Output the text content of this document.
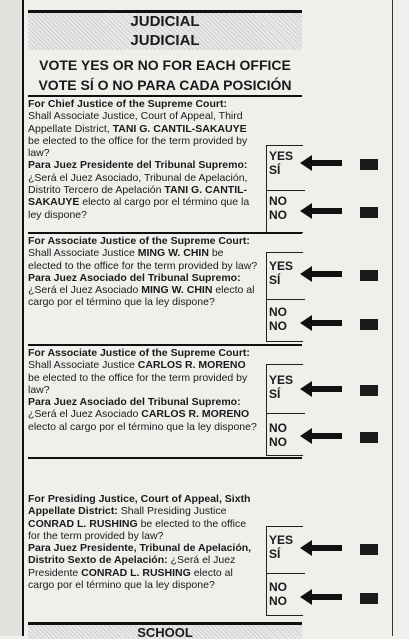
JUDICIAL
JUDICIAL
VOTE YES OR NO FOR EACH OFFICE
VOTE SÍ O NO PARA CADA POSICIÓN

For Chief Justice of the Supreme Court:
Shall Associate Justice, Court of Appeal, Third Appellate District, TANI G. CANTIL-SAKAUYE be elected to the office for the term provided by law?

Para Juez Presidente del Tribunal Supremo: ¿Será el Juez Asociado, Tribunal de Apelación, Distrito Tercero de Apelación TANI G. CANTIL-SAKAUYE electo al cargo por el término que la ley dispone?

YES
SÍ
NO
NO

For Associate Justice of the Supreme Court: Shall Associate Justice MING W. CHIN be elected to the office for the term provided by law?

Para Juez Asociado del Tribunal Supremo: ¿Será el Juez Asociado MING W. CHIN electo al cargo por el término que la ley dispone?

YES
SÍ
NO
NO

For Associate Justice of the Supreme Court: Shall Associate Justice CARLOS R. MORENO be elected to the office for the term provided by law?

Para Juez Asociado del Tribunal Supremo: ¿Será el Juez Asociado CARLOS R. MORENO electo al cargo por el término que la ley dispone?

YES
SÍ
NO
NO

For Presiding Justice, Court of Appeal, Sixth Appellate District: Shall Presiding Justice CONRAD L. RUSHING be elected to the office for the term provided by law?

Para Juez Presidente, Tribunal de Apelación, Distrito Sexto de Apelación: ¿Será el Juez Presidente CONRAD L. RUSHING electo al cargo por el término que la ley dispone?

YES
SÍ
NO
NO
SCHOOL
